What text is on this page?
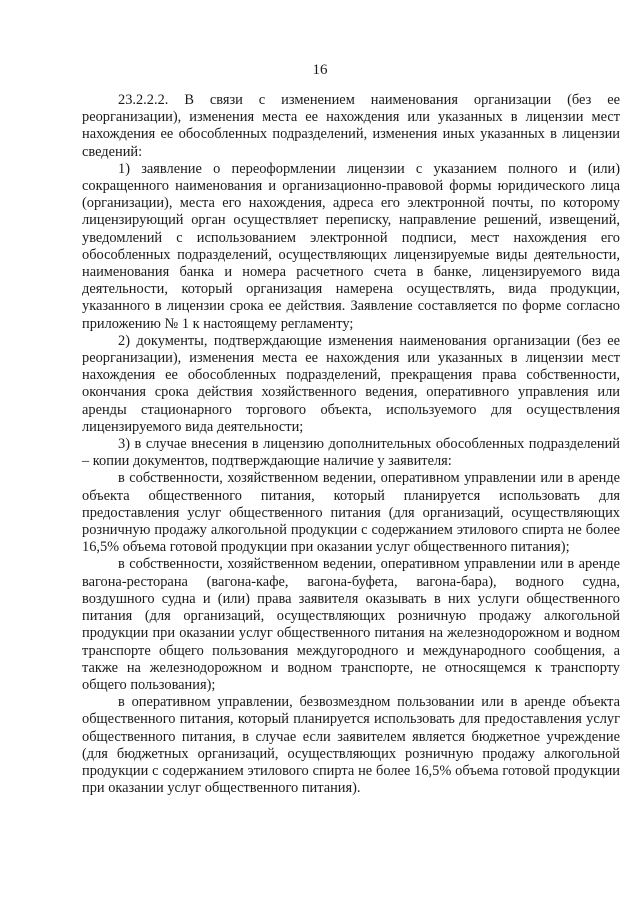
16

23.2.2.2. В связи с изменением наименования организации (без ее реорганизации), изменения места ее нахождения или указанных в лицензии мест нахождения ее обособленных подразделений, изменения иных указанных в лицензии сведений:

1) заявление о переоформлении лицензии с указанием полного и (или) сокращенного наименования и организационно-правовой формы юридического лица (организации), места его нахождения, адреса его электронной почты, по которому лицензирующий орган осуществляет переписку, направление решений, извещений, уведомлений с использованием электронной подписи, мест нахождения его обособленных подразделений, осуществляющих лицензируемые виды деятельности, наименования банка и номера расчетного счета в банке, лицензируемого вида деятельности, который организация намерена осуществлять, вида продукции, указанного в лицензии срока ее действия. Заявление составляется по форме согласно приложению № 1 к настоящему регламенту;

2) документы, подтверждающие изменения наименования организации (без ее реорганизации), изменения места ее нахождения или указанных в лицензии мест нахождения ее обособленных подразделений, прекращения права собственности, окончания срока действия хозяйственного ведения, оперативного управления или аренды стационарного торгового объекта, используемого для осуществления лицензируемого вида деятельности;

3) в случае внесения в лицензию дополнительных обособленных подразделений – копии документов, подтверждающие наличие у заявителя:

в собственности, хозяйственном ведении, оперативном управлении или в аренде объекта общественного питания, который планируется использовать для предоставления услуг общественного питания (для организаций, осуществляющих розничную продажу алкогольной продукции с содержанием этилового спирта не более 16,5% объема готовой продукции при оказании услуг общественного питания);

в собственности, хозяйственном ведении, оперативном управлении или в аренде вагона-ресторана (вагона-кафе, вагона-буфета, вагона-бара), водного судна, воздушного судна и (или) права заявителя оказывать в них услуги общественного питания (для организаций, осуществляющих розничную продажу алкогольной продукции при оказании услуг общественного питания на железнодорожном и водном транспорте общего пользования междугородного и международного сообщения, а также на железнодорожном и водном транспорте, не относящемся к транспорту общего пользования);

в оперативном управлении, безвозмездном пользовании или в аренде объекта общественного питания, который планируется использовать для предоставления услуг общественного питания, в случае если заявителем является бюджетное учреждение (для бюджетных организаций, осуществляющих розничную продажу алкогольной продукции с содержанием этилового спирта не более 16,5% объема готовой продукции при оказании услуг общественного питания).
